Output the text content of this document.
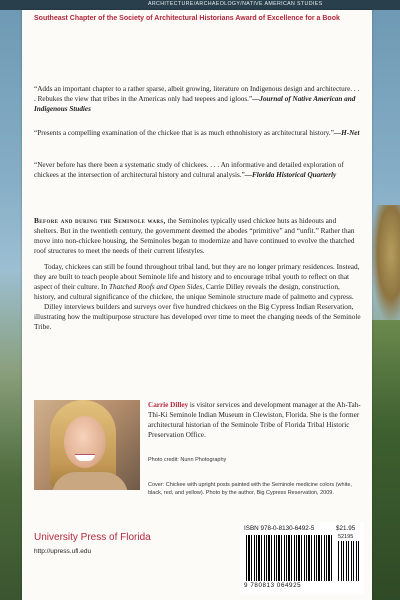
ARCHITECTURE/ARCHAEOLOGY/NATIVE AMERICAN STUDIES
Southeast Chapter of the Society of Architectural Historians Award of Excellence for a Book
“Adds an important chapter to a rather sparse, albeit growing, literature on Indigenous design and architecture. . . . Rebukes the view that tribes in the Americas only had teepees and igloos.”—Journal of Native American and Indigenous Studies
“Presents a compelling examination of the chickee that is as much ethnohistory as architectural history.”—H-Net
“Never before has there been a systematic study of chickees. . . . An informative and detailed exploration of chickees at the intersection of architectural history and cultural analysis.”—Florida Historical Quarterly

Before and during the Seminole wars, the Seminoles typically used chickee huts as hideouts and shelters. But in the twentieth century, the government deemed the abodes “primitive” and “unfit.” Rather than move into non-chickee housing, the Seminoles began to modernize and have continued to evolve the thatched roof structures to meet the needs of their current lifestyles.

Today, chickees can still be found throughout tribal land, but they are no longer primary residences. Instead, they are built to teach people about Seminole life and history and to encourage tribal youth to reflect on that aspect of their culture. In Thatched Roofs and Open Sides, Carrie Dilley reveals the design, construction, history, and cultural significance of the chickee, the unique Seminole structure made of palmetto and cypress.

Dilley interviews builders and surveys over five hundred chickees on the Big Cypress Indian Reservation, illustrating how the multipurpose structure has developed over time to meet the changing needs of the Seminole Tribe.

Carrie Dilley is visitor services and development manager at the Ah-Tah-Thi-Ki Seminole Indian Museum in Clewiston, Florida. She is the former architectural historian of the Seminole Tribe of Florida Tribal Historic Preservation Office.
Photo credit: Nunn Photography
Cover: Chickee with upright posts painted with the Seminole medicine colors (white, black, red, and yellow). Photo by the author, Big Cypress Reservation, 2009.
University Press of Florida
http://upress.ufl.edu
ISBN 978-0-8130-6492-5	$21.95
52195
9 780813 064925
